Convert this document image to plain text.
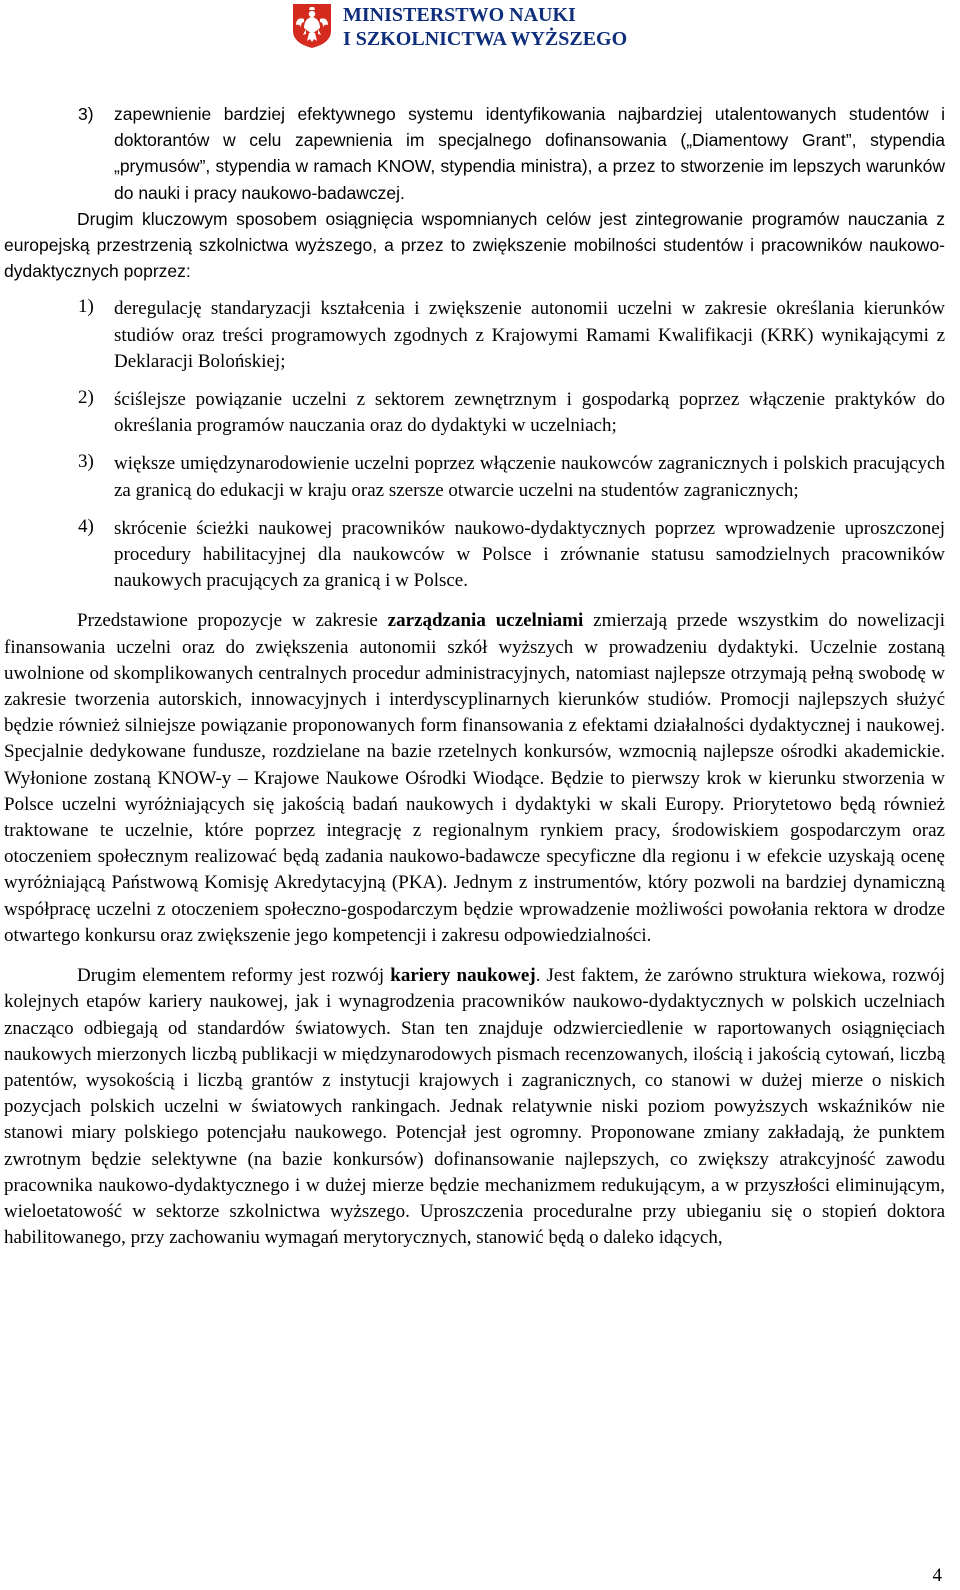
MINISTERSTWO NAUKI
I SZKOLNICTWA WYŻSZEGO
3)	zapewnienie bardziej efektywnego systemu identyfikowania najbardziej utalentowanych studentów i doktorantów w celu zapewnienia im specjalnego dofinansowania („Diamentowy Grant”, stypendia „prymusów”, stypendia w ramach KNOW, stypendia ministra), a przez to stworzenie im lepszych warunków do nauki i pracy naukowo-badawczej.

Drugim kluczowym sposobem osiągnięcia wspomnianych celów jest zintegrowanie programów nauczania z europejską przestrzenią szkolnictwa wyższego, a przez to zwiększenie mobilności studentów i pracowników naukowo-dydaktycznych poprzez:

1)	deregulację standaryzacji kształcenia i zwiększenie autonomii uczelni w zakresie określania kierunków studiów oraz treści programowych zgodnych z Krajowymi Ramami Kwalifikacji (KRK) wynikającymi z Deklaracji Bolońskiej;

2)	ściślejsze powiązanie uczelni z sektorem zewnętrznym i gospodarką poprzez włączenie praktyków do określania programów nauczania oraz do dydaktyki w uczelniach;

3)	większe umiędzynarodowienie uczelni poprzez włączenie naukowców zagranicznych i polskich pracujących za granicą do edukacji w kraju oraz szersze otwarcie uczelni na studentów zagranicznych;

4)	skrócenie ścieżki naukowej pracowników naukowo-dydaktycznych poprzez wprowadzenie uproszczonej procedury habilitacyjnej dla naukowców w Polsce i zrównanie statusu samodzielnych pracowników naukowych pracujących za granicą i w Polsce.

Przedstawione propozycje w zakresie zarządzania uczelniami zmierzają przede wszystkim do nowelizacji finansowania uczelni oraz do zwiększenia autonomii szkół wyższych w prowadzeniu dydaktyki. Uczelnie zostaną uwolnione od skomplikowanych centralnych procedur administracyjnych, natomiast najlepsze otrzymają pełną swobodę w zakresie tworzenia autorskich, innowacyjnych i interdyscyplinarnych kierunków studiów. Promocji najlepszych służyć będzie również silniejsze powiązanie proponowanych form finansowania z efektami działalności dydaktycznej i naukowej. Specjalnie dedykowane fundusze, rozdzielane na bazie rzetelnych konkursów, wzmocnią najlepsze ośrodki akademickie. Wyłonione zostaną KNOW-y – Krajowe Naukowe Ośrodki Wiodące. Będzie to pierwszy krok w kierunku stworzenia w Polsce uczelni wyróżniających się jakością badań naukowych i dydaktyki w skali Europy. Priorytetowo będą również traktowane te uczelnie, które poprzez integrację z regionalnym rynkiem pracy, środowiskiem gospodarczym oraz otoczeniem społecznym realizować będą zadania naukowo-badawcze specyficzne dla regionu i w efekcie uzyskają ocenę wyróżniającą Państwową Komisję Akredytacyjną (PKA). Jednym z instrumentów, który pozwoli na bardziej dynamiczną współpracę uczelni z otoczeniem społeczno-gospodarczym będzie wprowadzenie możliwości powołania rektora w drodze otwartego konkursu oraz zwiększenie jego kompetencji i zakresu odpowiedzialności.

Drugim elementem reformy jest rozwój kariery naukowej. Jest faktem, że zarówno struktura wiekowa, rozwój kolejnych etapów kariery naukowej, jak i wynagrodzenia pracowników naukowo-dydaktycznych w polskich uczelniach znacząco odbiegają od standardów światowych. Stan ten znajduje odzwierciedlenie w raportowanych osiągnięciach naukowych mierzonych liczbą publikacji w międzynarodowych pismach recenzowanych, ilością i jakością cytowań, liczbą patentów, wysokością i liczbą grantów z instytucji krajowych i zagranicznych, co stanowi w dużej mierze o niskich pozycjach polskich uczelni w światowych rankingach. Jednak relatywnie niski poziom powyższych wskaźników nie stanowi miary polskiego potencjału naukowego. Potencjał jest ogromny. Proponowane zmiany zakładają, że punktem zwrotnym będzie selektywne (na bazie konkursów) dofinansowanie najlepszych, co zwiększy atrakcyjność zawodu pracownika naukowo-dydaktycznego i w dużej mierze będzie mechanizmem redukującym, a w przyszłości eliminującym, wieloetatowość w sektorze szkolnictwa wyższego. Uproszczenia proceduralne przy ubieganiu się o stopień doktora habilitowanego, przy zachowaniu wymagań merytorycznych, stanowić będą o daleko idących,

4
